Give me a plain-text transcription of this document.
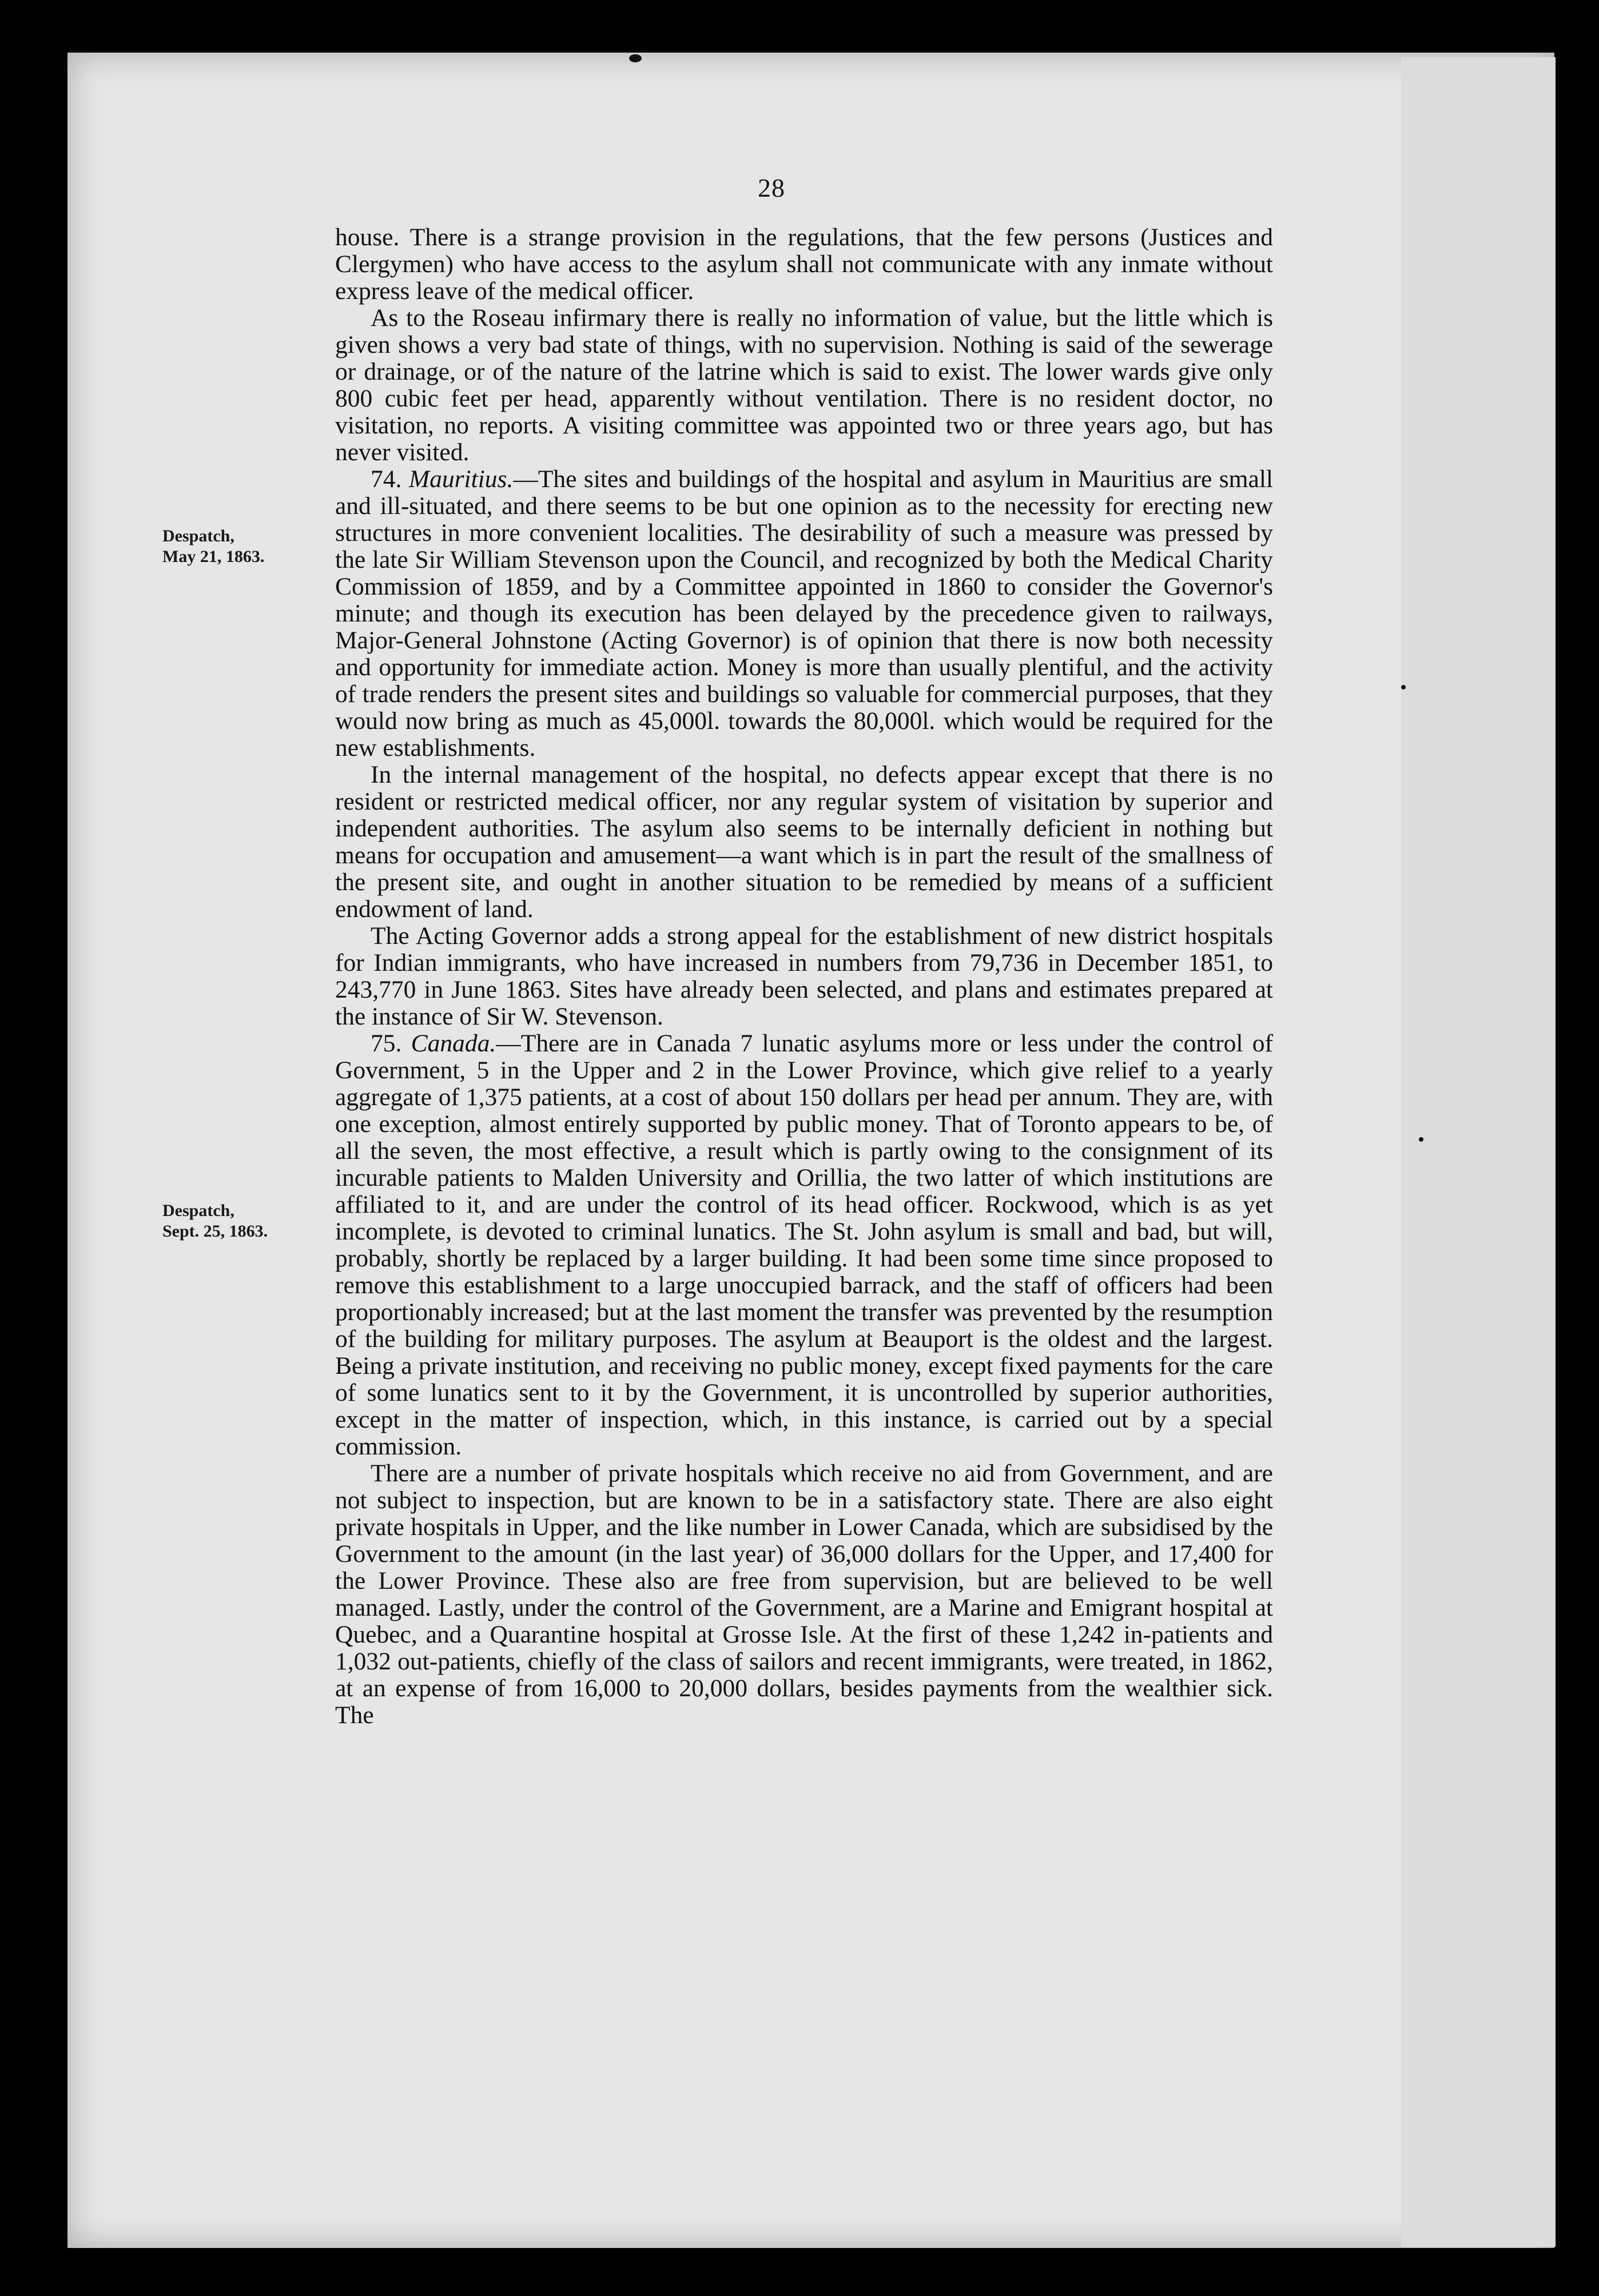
28
Despatch,
May 21, 1863.
Despatch,
Sept. 25, 1863.

house. There is a strange provision in the regulations, that the few persons (Justices and Clergymen) who have access to the asylum shall not communicate with any inmate without express leave of the medical officer.

As to the Roseau infirmary there is really no information of value, but the little which is given shows a very bad state of things, with no supervision. Nothing is said of the sewerage or drainage, or of the nature of the latrine which is said to exist. The lower wards give only 800 cubic feet per head, apparently without ventilation. There is no resident doctor, no visitation, no reports. A visiting committee was appointed two or three years ago, but has never visited.

74. Mauritius.—The sites and buildings of the hospital and asylum in Mauritius are small and ill-situated, and there seems to be but one opinion as to the necessity for erecting new structures in more convenient localities. The desirability of such a measure was pressed by the late Sir William Stevenson upon the Council, and recognized by both the Medical Charity Commission of 1859, and by a Committee appointed in 1860 to consider the Governor's minute; and though its execution has been delayed by the precedence given to railways, Major-General Johnstone (Acting Governor) is of opinion that there is now both necessity and opportunity for immediate action. Money is more than usually plentiful, and the activity of trade renders the present sites and buildings so valuable for commercial purposes, that they would now bring as much as 45,000l. towards the 80,000l. which would be required for the new establishments.

In the internal management of the hospital, no defects appear except that there is no resident or restricted medical officer, nor any regular system of visitation by superior and independent authorities. The asylum also seems to be internally deficient in nothing but means for occupation and amusement—a want which is in part the result of the smallness of the present site, and ought in another situation to be remedied by means of a sufficient endowment of land.

The Acting Governor adds a strong appeal for the establishment of new district hospitals for Indian immigrants, who have increased in numbers from 79,736 in December 1851, to 243,770 in June 1863. Sites have already been selected, and plans and estimates prepared at the instance of Sir W. Stevenson.

75. Canada.—There are in Canada 7 lunatic asylums more or less under the control of Government, 5 in the Upper and 2 in the Lower Province, which give relief to a yearly aggregate of 1,375 patients, at a cost of about 150 dollars per head per annum. They are, with one exception, almost entirely supported by public money. That of Toronto appears to be, of all the seven, the most effective, a result which is partly owing to the consignment of its incurable patients to Malden University and Orillia, the two latter of which institutions are affiliated to it, and are under the control of its head officer. Rockwood, which is as yet incomplete, is devoted to criminal lunatics. The St. John asylum is small and bad, but will, probably, shortly be replaced by a larger building. It had been some time since proposed to remove this establishment to a large unoccupied barrack, and the staff of officers had been proportionably increased; but at the last moment the transfer was prevented by the resumption of the building for military purposes. The asylum at Beauport is the oldest and the largest. Being a private institution, and receiving no public money, except fixed payments for the care of some lunatics sent to it by the Government, it is uncontrolled by superior authorities, except in the matter of inspection, which, in this instance, is carried out by a special commission.

There are a number of private hospitals which receive no aid from Government, and are not subject to inspection, but are known to be in a satisfactory state. There are also eight private hospitals in Upper, and the like number in Lower Canada, which are subsidised by the Government to the amount (in the last year) of 36,000 dollars for the Upper, and 17,400 for the Lower Province. These also are free from supervision, but are believed to be well managed. Lastly, under the control of the Government, are a Marine and Emigrant hospital at Quebec, and a Quarantine hospital at Grosse Isle. At the first of these 1,242 in-patients and 1,032 out-patients, chiefly of the class of sailors and recent immigrants, were treated, in 1862, at an expense of from 16,000 to 20,000 dollars, besides payments from the wealthier sick. The
